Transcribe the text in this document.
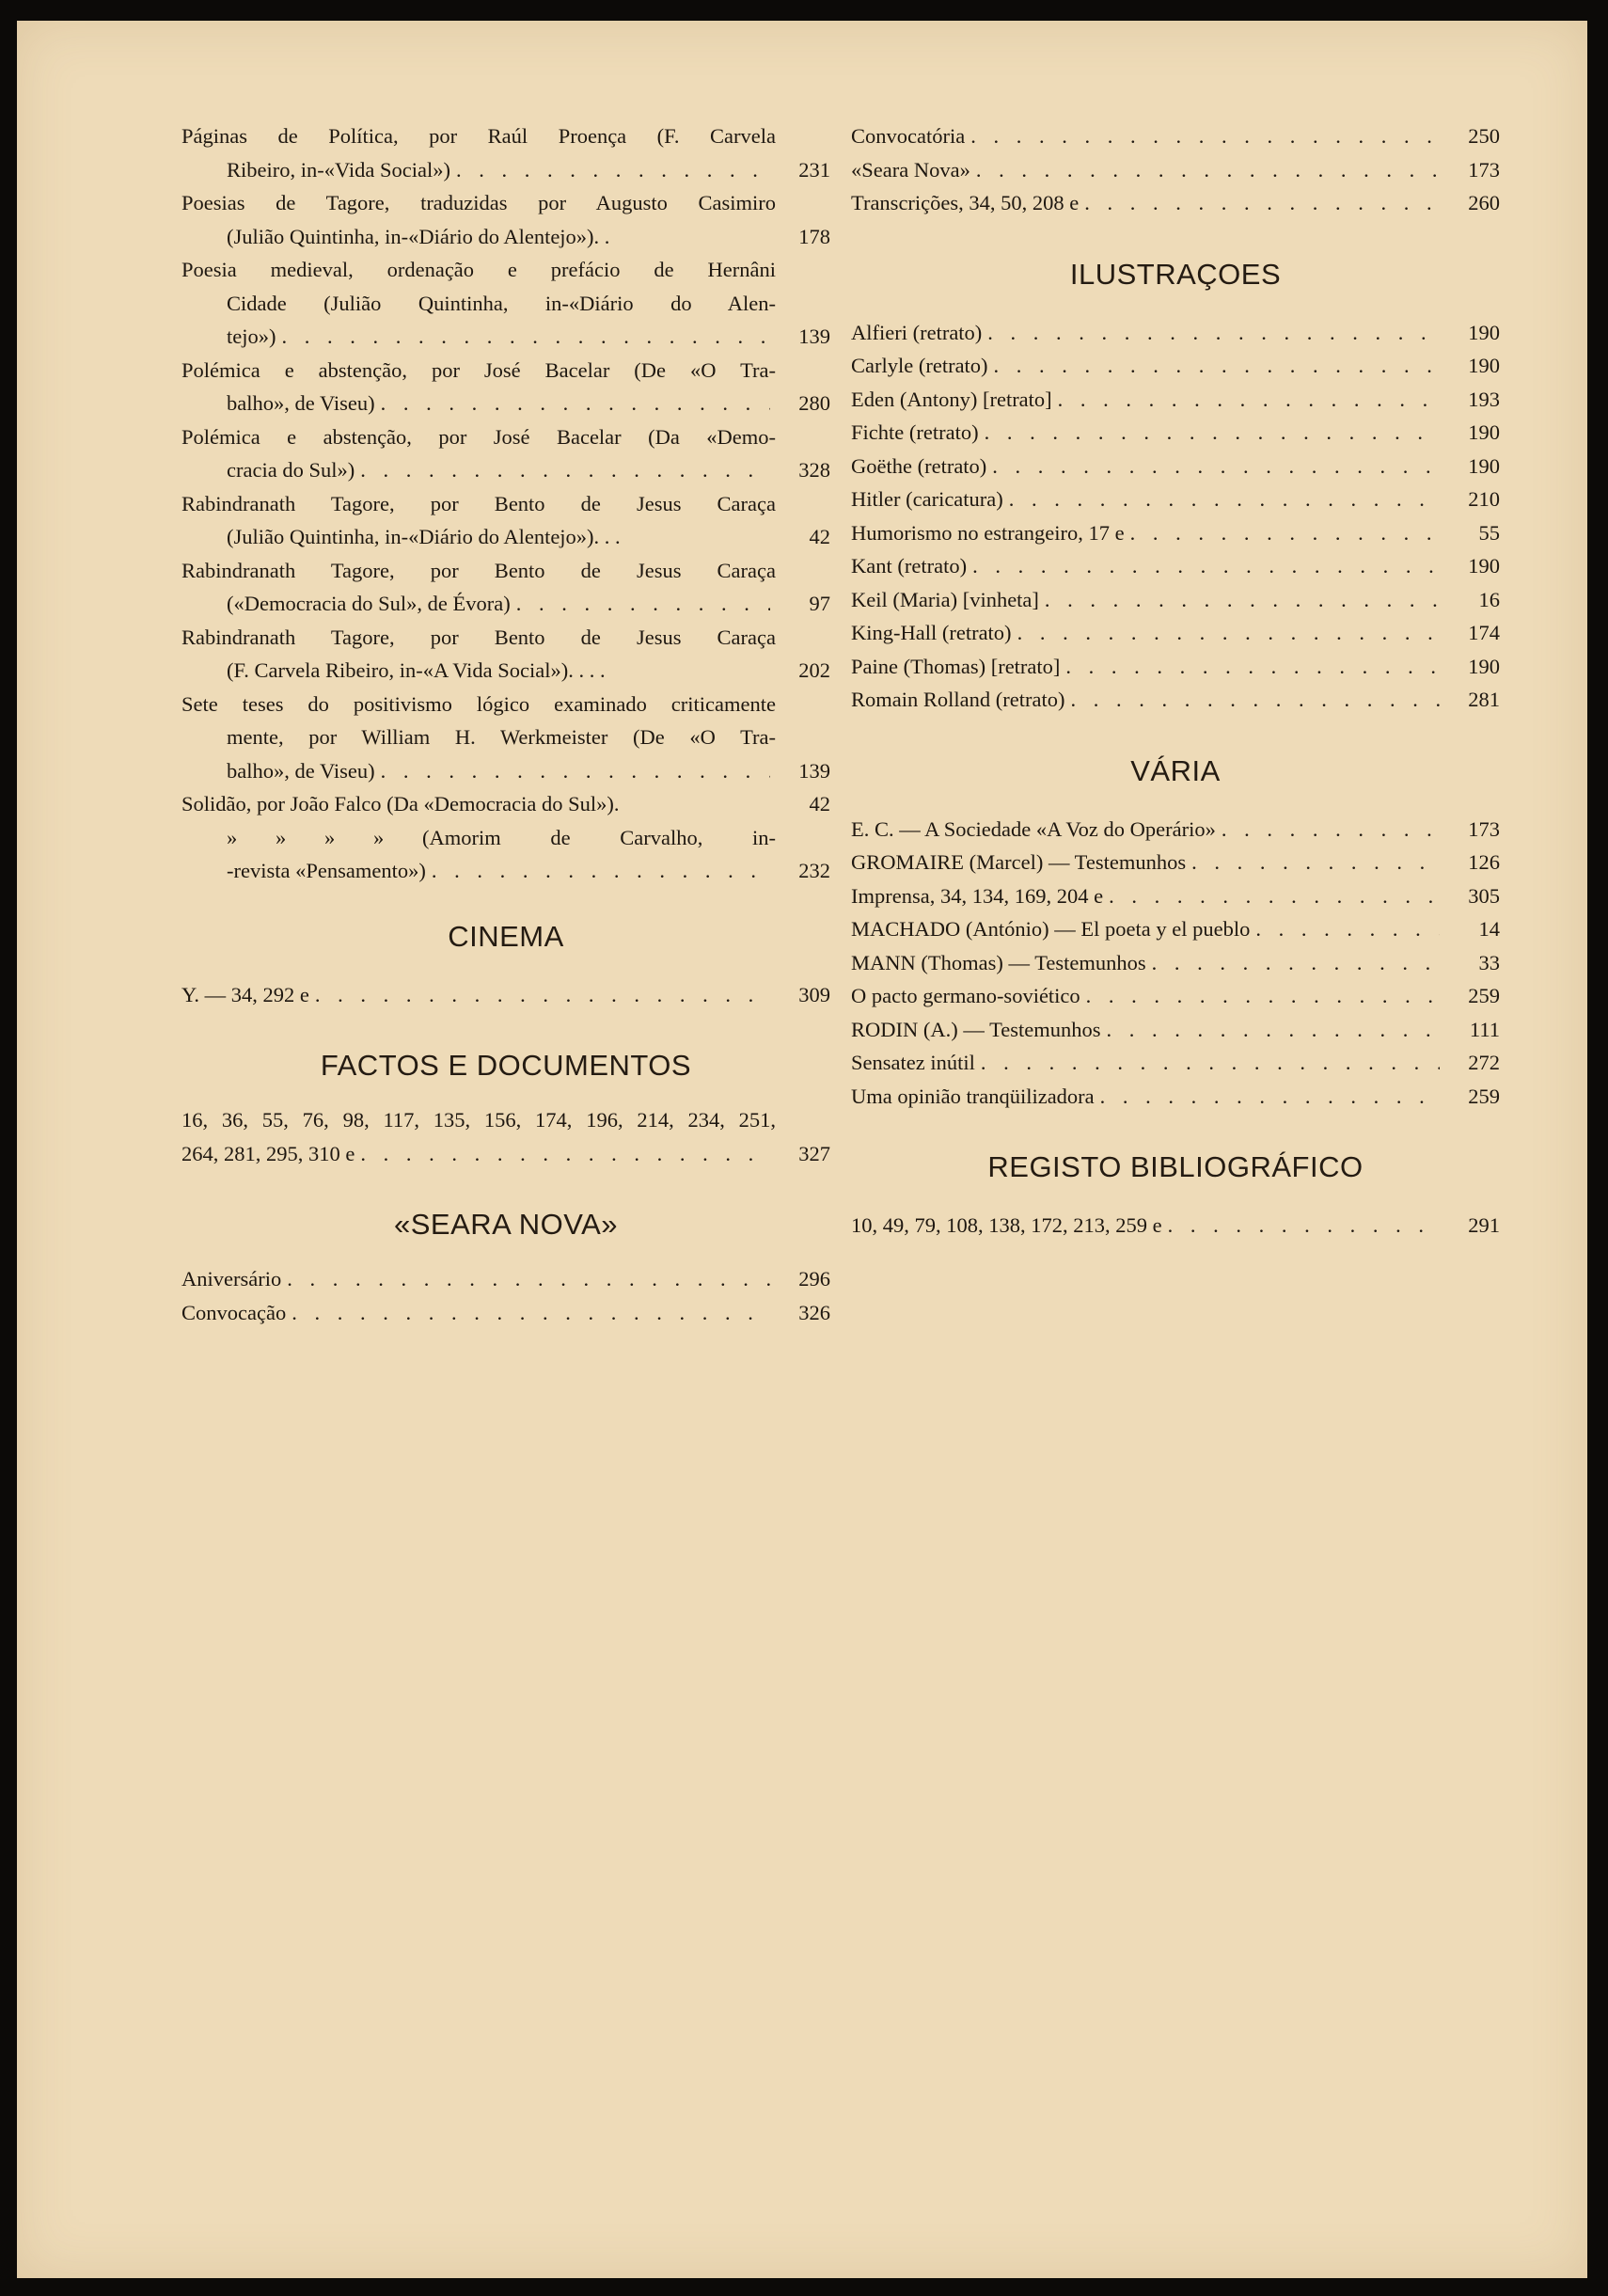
Páginas de Política, por Raúl Proença (F. Carvela
Ribeiro, in-«Vida Social») . . .	231
Poesias de Tagore, traduzidas por Augusto Casimiro
(Julião Quintinha, in-«Diário do Alentejo»). .	178
Poesia medieval, ordenação e prefácio de Hernâni
Cidade (Julião Quintinha, in-«Diário do Alen-
tejo») . . .	139
Polémica e abstenção, por José Bacelar (De «O Tra-
balho», de Viseu) . . .	280
Polémica e abstenção, por José Bacelar (Da «Demo-
cracia do Sul») . . .	328
Rabindranath Tagore, por Bento de Jesus Caraça
(Julião Quintinha, in-«Diário do Alentejo»). . .	42
Rabindranath Tagore, por Bento de Jesus Caraça
(«Democracia do Sul», de Évora) . . .	97
Rabindranath Tagore, por Bento de Jesus Caraça
(F. Carvela Ribeiro, in-«A Vida Social»). . . .	202
Sete teses do positivismo lógico examinado criticamente
mente, por William H. Werkmeister (De «O Tra-
balho», de Viseu) . . .	139
Solidão, por João Falco (Da «Democracia do Sul»).	42
»	»	»	»	(Amorim de Carvalho, in-
-revista «Pensamento») . . .	232
CINEMA
Y. — 34, 292 e . . .	309
FACTOS E DOCUMENTOS
16, 36, 55, 76, 98, 117, 135, 156, 174, 196, 214, 234, 251,
264, 281, 295, 310 e . . .	327
«SEARA NOVA»
Aniversário . . .	296
Convocação . . .	326
Convocatória . . .	250
«Seara Nova» . . .	173
Transcrições, 34, 50, 208 e . . .	260
ILUSTRAÇOES
Alfieri (retrato) . . .	190
Carlyle (retrato) . . .	190
Eden (Antony) [retrato] . . .	193
Fichte (retrato) . . .	190
Goëthe (retrato) . . .	190
Hitler (caricatura) . . .	210
Humorismo no estrangeiro, 17 e . . .	55
Kant (retrato) . . .	190
Keil (Maria) [vinheta] . . .	16
King-Hall (retrato) . . .	174
Paine (Thomas) [retrato] . . .	190
Romain Rolland (retrato) . . .	281
VÁRIA
E. C. — A Sociedade «A Voz do Operário» . . .	173
GROMAIRE (Marcel) — Testemunhos . . .	126
Imprensa, 34, 134, 169, 204 e . . .	305
MACHADO (António) — El poeta y el pueblo . . .	14
MANN (Thomas) — Testemunhos . . .	33
O pacto germano-soviético . . .	259
RODIN (A.) — Testemunhos . . .	111
Sensatez inútil . . .	272
Uma opinião tranqüilizadora . . .	259
REGISTO BIBLIOGRÁFICO
10, 49, 79, 108, 138, 172, 213, 259 e . . .	291
